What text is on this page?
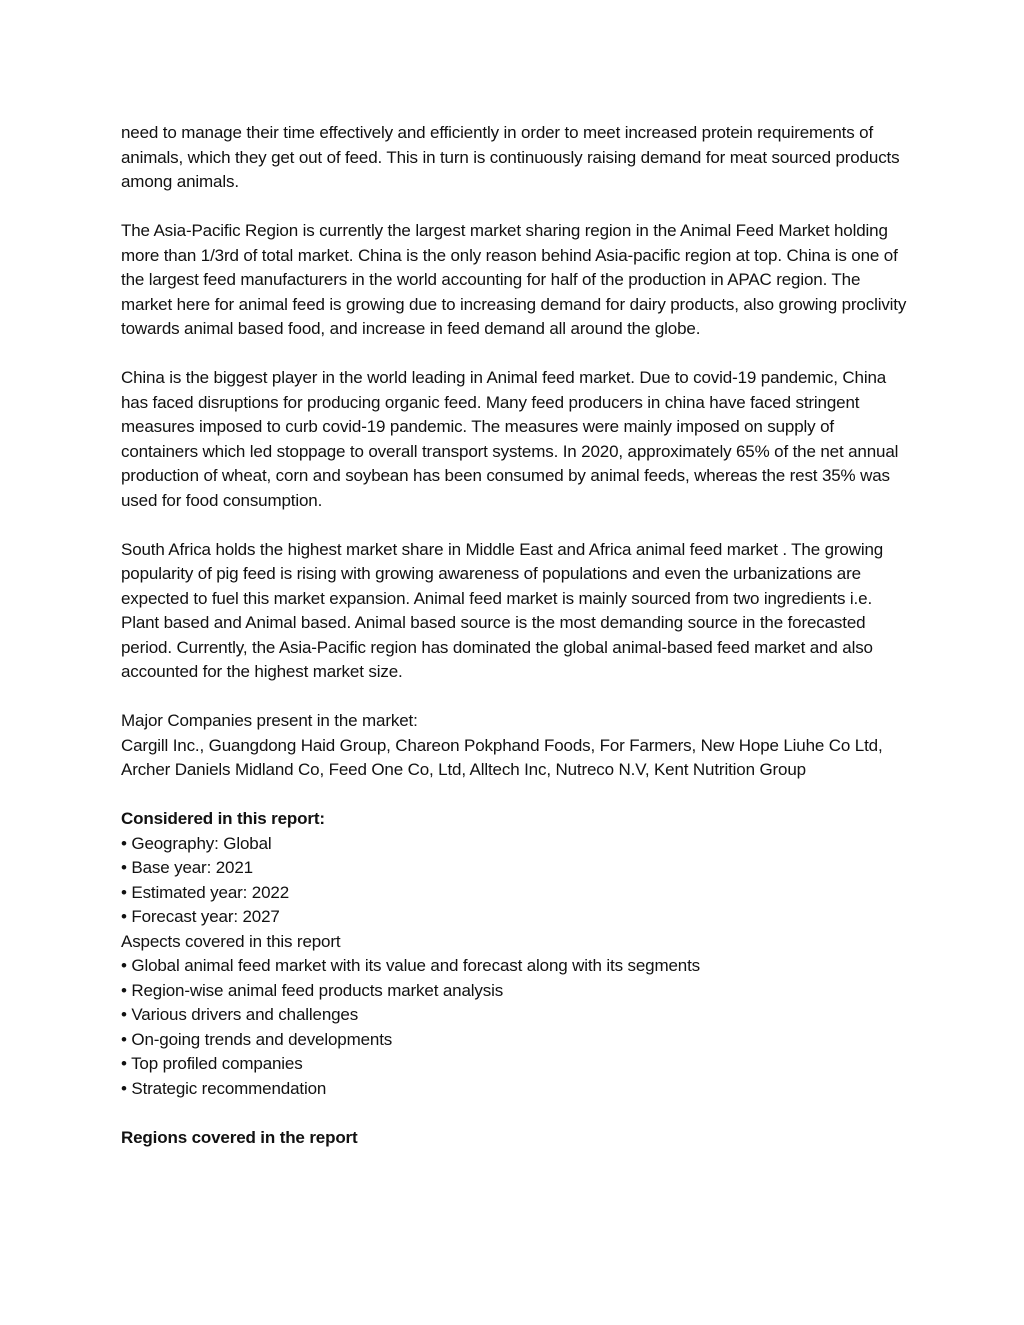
need to manage their time effectively and efficiently in order to meet increased protein requirements of animals, which they get out of feed. This in turn is continuously raising demand for meat sourced products among animals.

The Asia-Pacific Region is currently the largest market sharing region in the Animal Feed Market holding more than 1/3rd of total market. China is the only reason behind Asia-pacific region at top. China is one of the largest feed manufacturers in the world accounting for half of the production in APAC region. The market here for animal feed is growing due to increasing demand for dairy products, also growing proclivity towards animal based food, and increase in feed demand all around the globe.

China is the biggest player in the world leading in Animal feed market. Due to covid-19 pandemic, China has faced disruptions for producing organic feed. Many feed producers in china have faced stringent measures imposed to curb covid-19 pandemic. The measures were mainly imposed on supply of containers which led stoppage to overall transport systems. In 2020, approximately 65% of the net annual production of wheat, corn and soybean has been consumed by animal feeds, whereas the rest 35% was used for food consumption.

South Africa holds the highest market share in Middle East and Africa animal feed market . The growing popularity of pig feed is rising with growing awareness of populations and even the urbanizations are expected to fuel this market expansion. Animal feed market is mainly sourced from two ingredients i.e. Plant based and Animal based. Animal based source is the most demanding source in the forecasted period. Currently, the Asia-Pacific region has dominated the global animal-based feed market and also accounted for the highest market size.

Major Companies present in the market:
Cargill Inc., Guangdong Haid Group, Chareon Pokphand Foods, For Farmers, New Hope Liuhe Co Ltd, Archer Daniels Midland Co, Feed One Co, Ltd, Alltech Inc, Nutreco N.V, Kent Nutrition Group

Considered in this report:

• Geography: Global
• Base year: 2021
• Estimated year: 2022
• Forecast year: 2027
Aspects covered in this report
• Global animal feed market with its value and forecast along with its segments
• Region-wise animal feed products market analysis
• Various drivers and challenges
• On-going trends and developments
• Top profiled companies
• Strategic recommendation

Regions covered in the report
